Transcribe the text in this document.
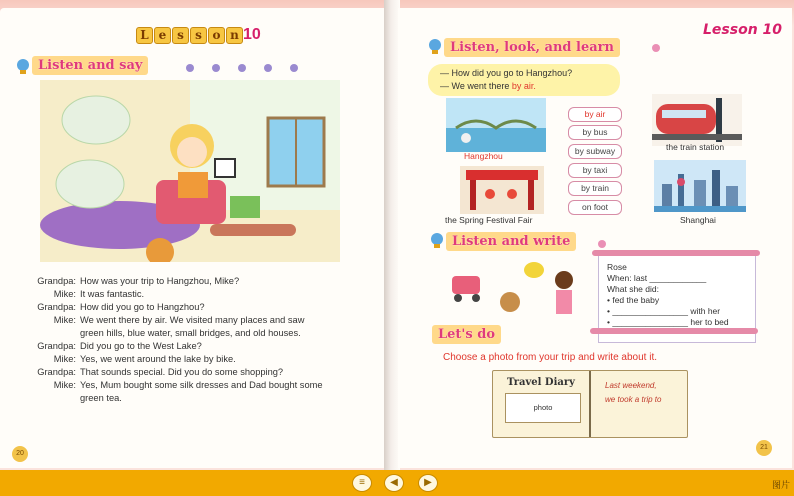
L e s s o n 10
Listen and say
Grandpa: How was your trip to Hangzhou, Mike?
Mike: It was fantastic.
Grandpa: How did you go to Hangzhou?
Mike: We went there by air. We visited many places and saw
green hills, blue water, small bridges, and old houses.
Grandpa: Did you go to the West Lake?
Mike: Yes, we went around the lake by bike.
Grandpa: That sounds special. Did you do some shopping?
Mike: Yes, Mum bought some silk dresses and Dad bought some
green tea.
20
Lesson 10
Listen, look, and learn
— How did you go to Hangzhou?
— We went there by air.
Hangzhou
by air
by bus
by subway
by taxi
by train
on foot
the train station
the Spring Festival Fair	Shanghai
Listen and write
Rose
When: last ____________
What she did:
• fed the baby
• ________________ with her
• ________________ her to bed
Let's do
Choose a photo from your trip and write about it.
Travel Diary
photo
Last weekend,
we took a trip to
21
≡	◀	▶	图片
